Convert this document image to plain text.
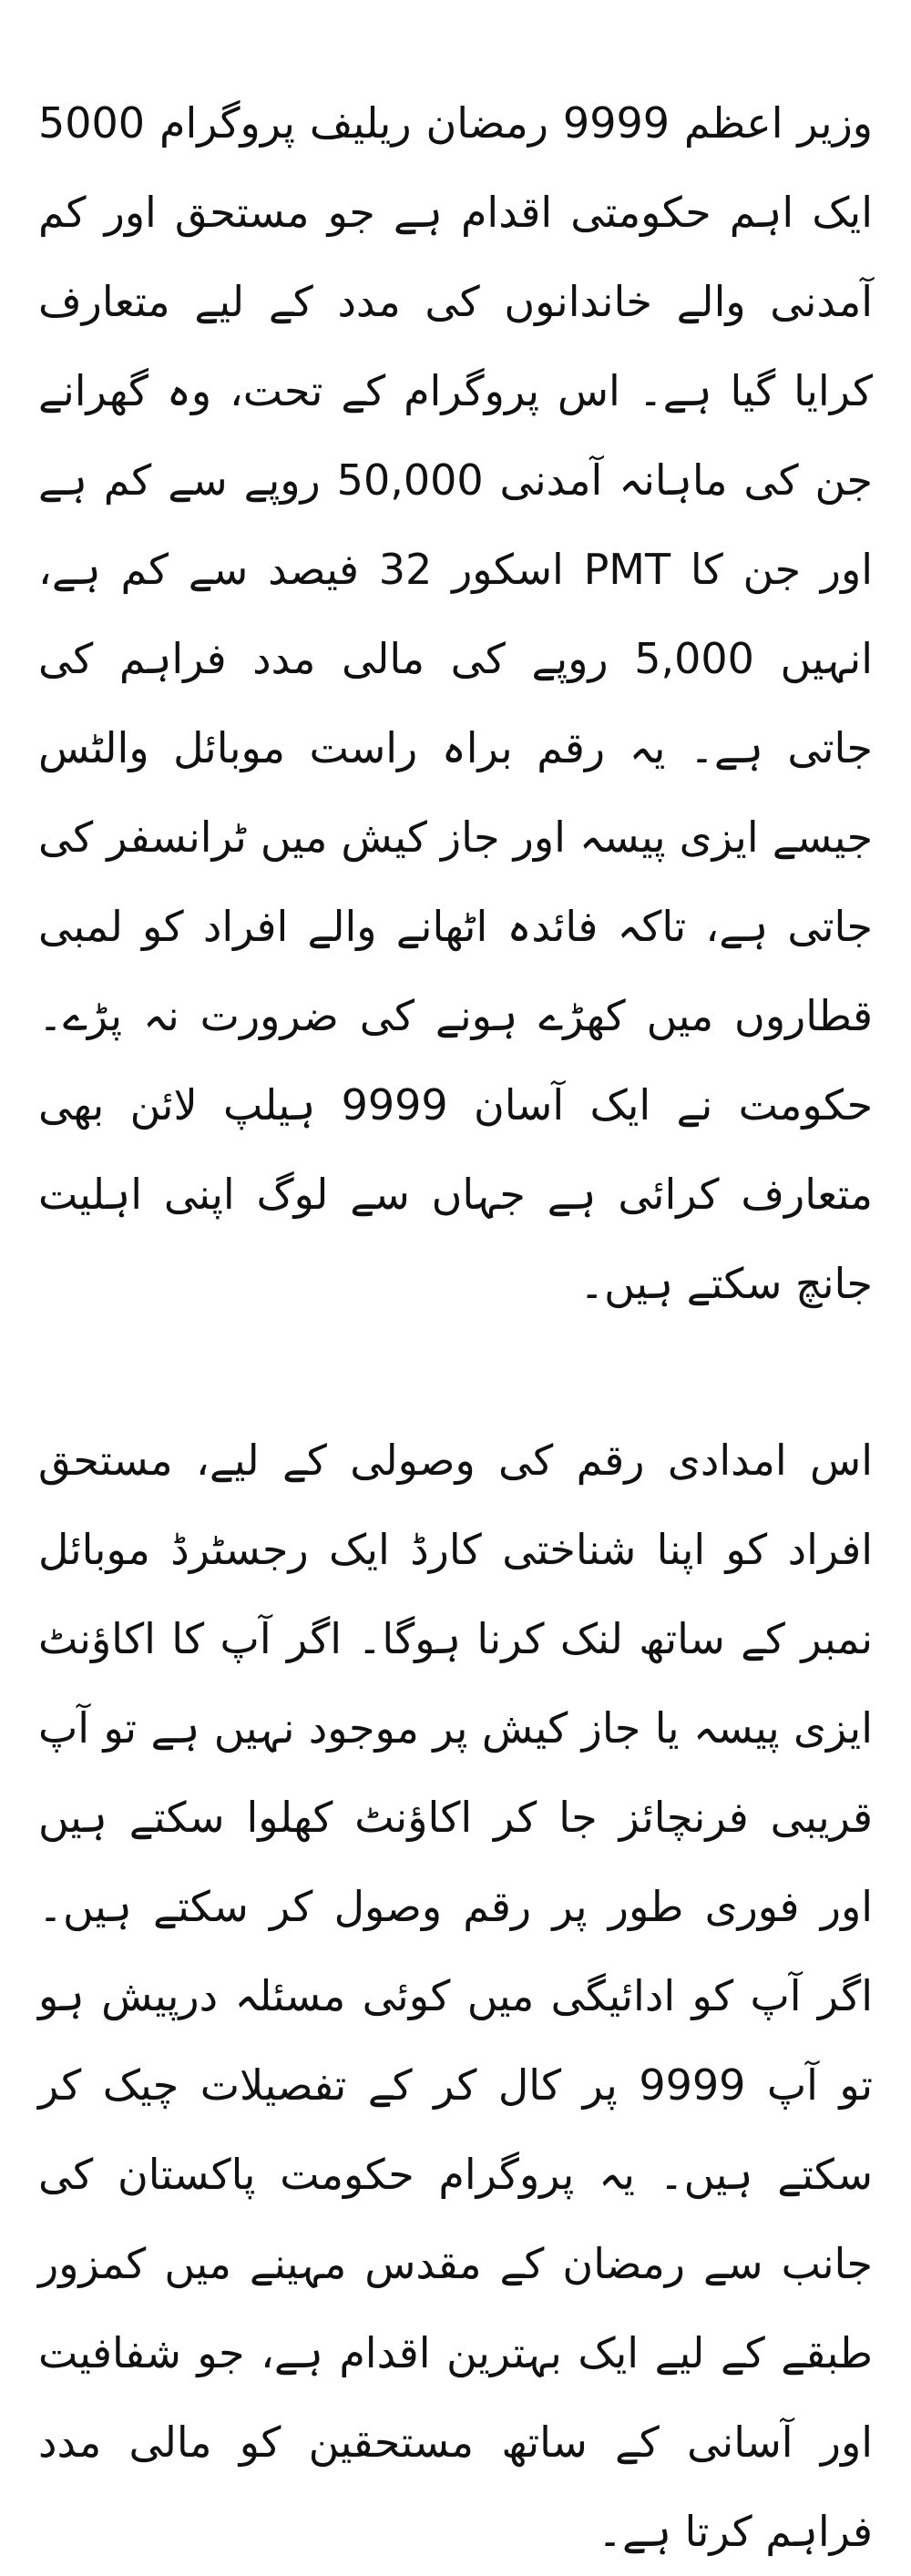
وزیر اعظم 9999 رمضان ریلیف پروگرام 5000 ایک اہم حکومتی اقدام ہے جو مستحق اور کم آمدنی والے خاندانوں کی مدد کے لیے متعارف کرایا گیا ہے۔ اس پروگرام کے تحت، وہ گھرانے جن کی ماہانہ آمدنی 50,000 روپے سے کم ہے اور جن کا PMT اسکور 32 فیصد سے کم ہے، انہیں 5,000 روپے کی مالی مدد فراہم کی جاتی ہے۔ یہ رقم براہ راست موبائل والٹس جیسے ایزی پیسہ اور جاز کیش میں ٹرانسفر کی جاتی ہے، تاکہ فائدہ اٹھانے والے افراد کو لمبی قطاروں میں کھڑے ہونے کی ضرورت نہ پڑے۔ حکومت نے ایک آسان 9999 ہیلپ لائن بھی متعارف کرائی ہے جہاں سے لوگ اپنی اہلیت جانچ سکتے ہیں۔

اس امدادی رقم کی وصولی کے لیے، مستحق افراد کو اپنا شناختی کارڈ ایک رجسٹرڈ موبائل نمبر کے ساتھ لنک کرنا ہوگا۔ اگر آپ کا اکاؤنٹ ایزی پیسہ یا جاز کیش پر موجود نہیں ہے تو آپ قریبی فرنچائز جا کر اکاؤنٹ کھلوا سکتے ہیں اور فوری طور پر رقم وصول کر سکتے ہیں۔ اگر آپ کو ادائیگی میں کوئی مسئلہ درپیش ہو تو آپ 9999 پر کال کر کے تفصیلات چیک کر سکتے ہیں۔ یہ پروگرام حکومت پاکستان کی جانب سے رمضان کے مقدس مہینے میں کمزور طبقے کے لیے ایک بہترین اقدام ہے، جو شفافیت اور آسانی کے ساتھ مستحقین کو مالی مدد فراہم کرتا ہے۔
